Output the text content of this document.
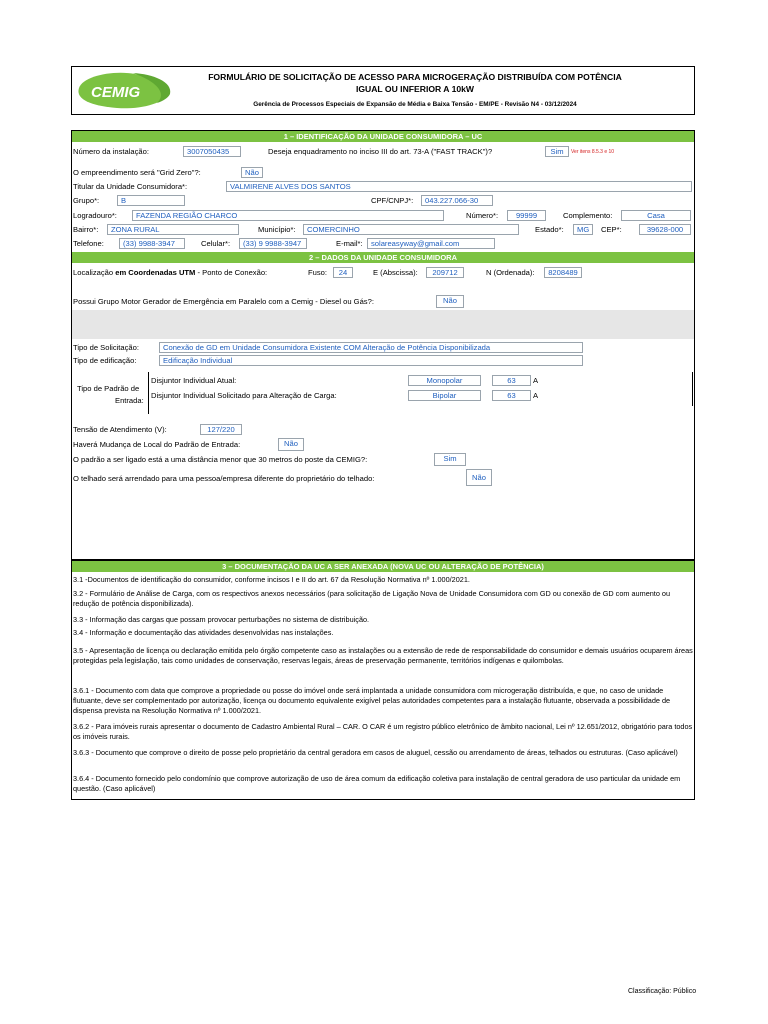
CEMIG
FORMULÁRIO DE SOLICITAÇÃO DE ACESSO PARA MICROGERAÇÃO DISTRIBUÍDA COM POTÊNCIA
IGUAL OU INFERIOR A 10kW
Gerência de Processos Especiais de Expansão de Média e Baixa Tensão - EM/PE - Revisão N4 - 03/12/2024
1 – IDENTIFICAÇÃO DA UNIDADE CONSUMIDORA – UC
Número da instalação:	3007050435	Deseja enquadramento no inciso III do art. 73-A ("FAST TRACK")?	Sim	Ver itens 8.5.3 e 10
O empreendimento será "Grid Zero"?:	Não
Titular da Unidade Consumidora*:	VALMIRENE ALVES DOS SANTOS
Grupo*:	B	CPF/CNPJ*:	043.227.066-30
Logradouro*:	FAZENDA REGIÃO CHARCO	Número*:	99999	Complemento:	Casa
Bairro*:	ZONA RURAL	Município*:	COMERCINHO	Estado*:	MG	CEP*:	39628-000
Telefone:	(33) 9988-3947	Celular*:	(33) 9 9988-3947	E-mail*:	solareasyway@gmail.com
2 – DADOS DA UNIDADE CONSUMIDORA
Localização em Coordenadas UTM - Ponto de Conexão:	Fuso:	24	E (Abscissa):	209712	N (Ordenada):	8208489
Possui Grupo Motor Gerador de Emergência em Paralelo com a Cemig - Diesel ou Gás?:	Não
Tipo de Solicitação:	Conexão de GD em Unidade Consumidora Existente COM Alteração de Potência Disponibilizada
Tipo de edificação:	Edificação Individual
Tipo de Padrão de
Entrada:
Disjuntor Individual Atual:	Monopolar	63	A
Disjuntor Individual Solicitado para Alteração de Carga:	Bipolar	63	A
Tensão de Atendimento (V):	127/220
Haverá Mudança de Local do Padrão de Entrada:	Não
O padrão a ser ligado está a uma distância menor que 30 metros do poste da CEMIG?:	Sim
O telhado será arrendado para uma pessoa/empresa diferente do proprietário do telhado:	Não
3 – DOCUMENTAÇÃO DA UC A SER ANEXADA (NOVA UC OU ALTERAÇÃO DE POTÊNCIA)
3.1 -Documentos de identificação do consumidor, conforme incisos I e II do art. 67 da Resolução Normativa nº 1.000/2021.
3.2 - Formulário de Análise de Carga, com os respectivos anexos necessários (para solicitação de Ligação Nova de Unidade Consumidora com GD ou conexão de GD com aumento ou redução de potência disponibilizada).
3.3 - Informação das cargas que possam provocar perturbações no sistema de distribuição.
3.4 - Informação e documentação das atividades desenvolvidas nas instalações.
3.5 - Apresentação de licença ou declaração emitida pelo órgão competente caso as instalações ou a extensão de rede de responsabilidade do consumidor e demais usuários ocuparem áreas protegidas pela legislação, tais como unidades de conservação, reservas legais, áreas de preservação permanente, territórios indígenas e quilombolas.
3.6.1 - Documento com data que comprove a propriedade ou posse do imóvel onde será implantada a unidade consumidora com microgeração distribuída, e que, no caso de unidade flutuante, deve ser complementado por autorização, licença ou documento equivalente exigível pelas autoridades competentes para a instalação flutuante, observada a possibilidade de dispensa prevista na Resolução Normativa nº 1.000/2021.
3.6.2 - Para imóveis rurais apresentar o documento de Cadastro Ambiental Rural – CAR. O CAR é um registro público eletrônico de âmbito nacional, Lei nº 12.651/2012, obrigatório para todos os imóveis rurais.
3.6.3 - Documento que comprove o direito de posse pelo proprietário da central geradora em casos de aluguel, cessão ou arrendamento de áreas, telhados ou estruturas. (Caso aplicável)
3.6.4 - Documento fornecido pelo condomínio que comprove autorização de uso de área comum da edificação coletiva para instalação de central geradora de uso particular da unidade em questão. (Caso aplicável)
Classificação: Público
